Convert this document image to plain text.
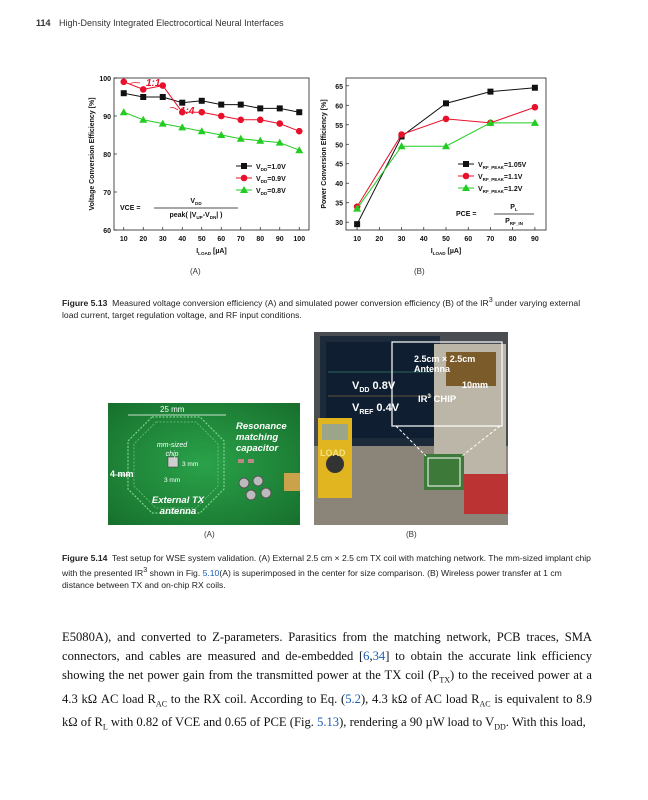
114 High-Density Integrated Electrocortical Neural Interfaces
60
70
80
90
100
10 20 30 40 50 60 70 80 90 100
Voltage Conversion Efficiency [%]
$I_{LOAD}$ [µA]
$V_{DD}=1.0V$
$V_{DD}=0.9V$
$V_{DD}=0.8V$
VCE =
$V_{DD}$
peak( $|V_{UP}-V_{DN}|$ )
1:1
1:4
30
35
40
45
50
55
60
65
10 20 30 40 50 60 70 80 90
Power Conversion Efficiency [%]
$I_{LOAD}$ [µA]
$V_{RF\_PEAK}=1.05V$
$V_{RF\_PEAK}=1.1V$
$V_{RF\_PEAK}=1.2V$
PCE =
$P_L$
$P_{RF\_IN}$
(A)	(B)
Figure 5.13 Measured voltage conversion efficiency (A) and simulated power conversion efficiency (B) of the $IR^3$ under varying external load current, target regulation voltage, and RF input conditions.
25 mm
Resonance matching capacitor
mm-sized chip
3 mm
3 mm
4 mm
External TX antenna
2.5cm × 2.5cm Antenna
$V_{DD}$ 0.8V
$V_{REF}$ 0.4V
10mm
$IR^3$ CHIP
LOAD
(A)	(B)
Figure 5.14 Test setup for WSE system validation. (A) External 2.5 cm × 2.5 cm TX coil with matching network. The mm-sized implant chip with the presented $IR^3$ shown in Fig. 5.10(A) is superimposed in the center for size comparison. (B) Wireless power transfer at 1 cm distance between TX and on-chip RX coils.

E5080A), and converted to Z-parameters. Parasitics from the matching network, PCB traces, SMA connectors, and cables are measured and de-embedded [6,34] to obtain the accurate link efficiency showing the net power gain from the transmitted power at the TX coil $(P_{TX})$ to the received power at a 4.3 kΩ AC load $R_{AC}$ to the RX coil. According to Eq. (5.2), 4.3 kΩ of AC load $R_{AC}$ is equivalent to 8.9 kΩ of $R_L$ with 0.82 of VCE and 0.65 of PCE (Fig. 5.13), rendering a 90 µW load to $V_{DD}$. With this load,
